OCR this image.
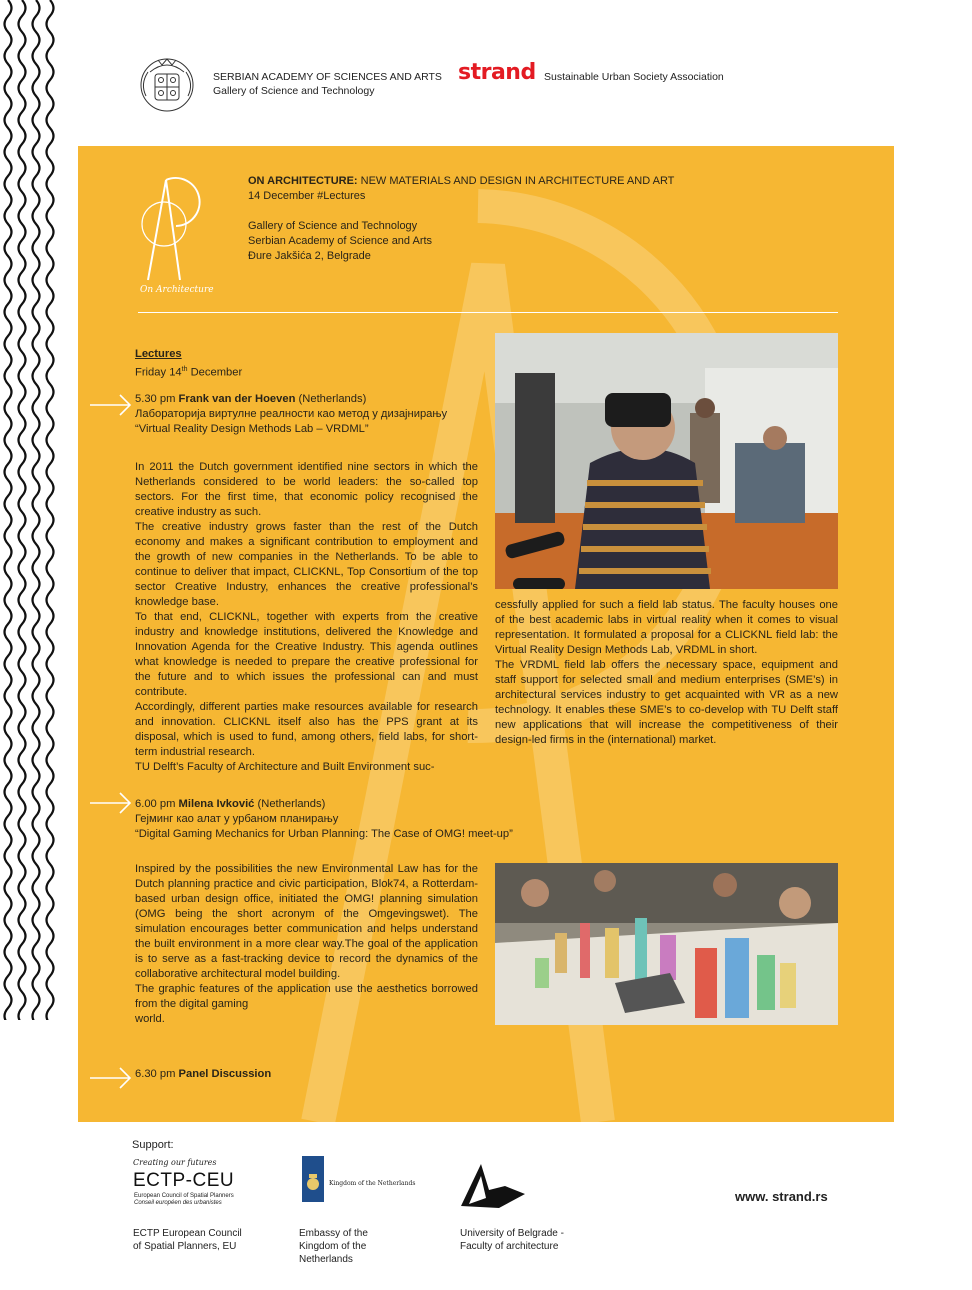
SERBIAN ACADEMY OF SCIENCES AND ARTS
Gallery of Science and Technology
strand Sustainable Urban Society Association
On Architecture
ON ARCHITECTURE: NEW MATERIALS AND DESIGN IN ARCHITECTURE AND ART
14 December #Lectures
Gallery of Science and Technology
Serbian Academy of Science and Arts
Đure Jakšića 2, Belgrade
Lectures
Friday 14th December
5.30 pm Frank van der Hoeven (Netherlands)
Лабораторија виртулне реалности као метод у дизајнирању
“Virtual Reality Design Methods Lab – VRDML”
In 2011 the Dutch government identified nine sectors in which the Netherlands considered to be world leaders: the so-called top sectors. For the first time, that economic policy recognised the creative industry as such.
The creative industry grows faster than the rest of the Dutch economy and makes a significant contribution to employment and the growth of new companies in the Netherlands. To be able to continue to deliver that impact, CLICKNL, Top Consortium of the top sector Creative Industry, enhances the creative professional’s knowledge base.
To that end, CLICKNL, together with experts from the creative industry and knowledge institutions, delivered the Knowledge and Innovation Agenda for the Creative Industry. This agenda outlines what knowledge is needed to prepare the creative professional for the future and to which issues the professional can and must contribute.
Accordingly, different parties make resources available for research and innovation. CLICKNL itself also has the PPS grant at its disposal, which is used to fund, among others, field labs, for short-term industrial research.
TU Delft’s Faculty of Architecture and Built Environment suc-
cessfully applied for such a field lab status. The faculty houses one of the best academic labs in virtual reality when it comes to visual representation. It formulated a proposal for a CLICKNL field lab: the Virtual Reality Design Methods Lab, VRDML in short.
The VRDML field lab offers the necessary space, equipment and staff support for selected small and medium enterprises (SME’s) in architectural services industry to get acquainted with VR as a new technology. It enables these SME’s to co-develop with TU Delft staff new applications that will increase the competitiveness of their design-led firms in the (international) market.
6.00 pm Milena Ivković (Netherlands)
Гејминг као алат у урбаном планирању
“Digital Gaming Mechanics for Urban Planning: The Case of OMG! meet-up”
Inspired by the possibilities the new Environmental Law has for the Dutch planning practice and civic participation, Blok74, a Rotterdam-based urban design office, initiated the OMG! planning simulation (OMG being the short acronym of the Omgevingswet). The simulation encourages better communication and helps understand the built environment in a more clear way.The goal of the application is to serve as a fast-tracking device to record the dynamics of the collaborative architectural model building.
The graphic features of the application use the aesthetics borrowed from the digital gaming
world.
6.30 pm Panel Discussion
Support:
Creating our futures
ECTP-CEU
European Council of Spatial Planners
Conseil européen des urbanistes
ECTP European Council
of Spatial Planners, EU
Kingdom of the Netherlands
Embassy of the
Kingdom of the
Netherlands
University of Belgrade -
Faculty of architecture
www. strand.rs
